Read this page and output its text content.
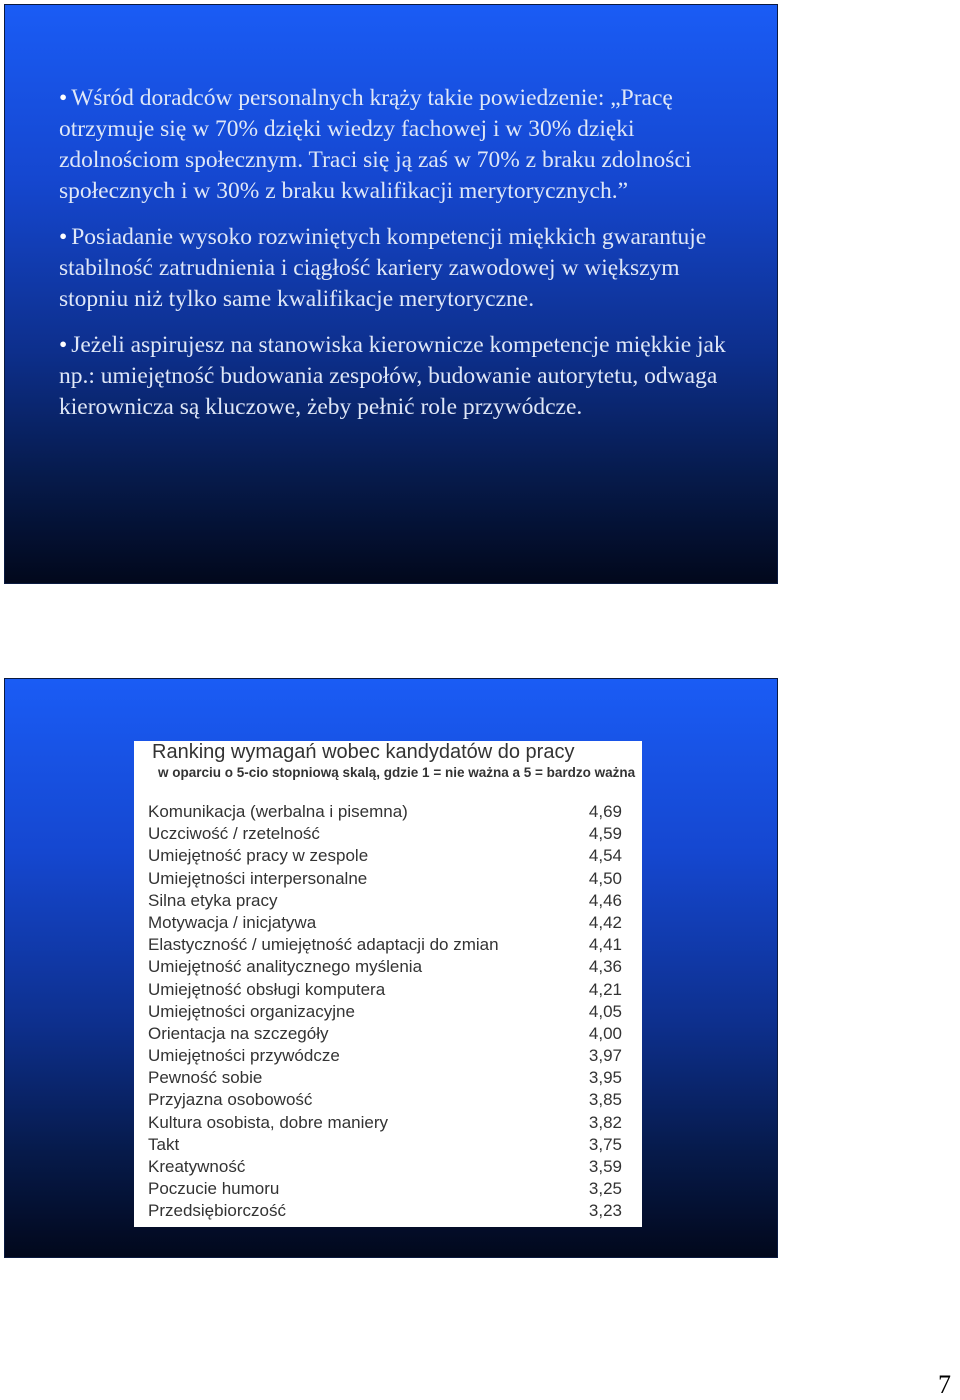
• Wśród doradców personalnych krąży takie powiedzenie: „Pracę otrzymuje się w 70% dzięki wiedzy fachowej i w 30% dzięki zdolnościom społecznym. Traci się ją zaś w 70% z braku zdolności społecznych i w 30% z braku kwalifikacji merytorycznych.”

• Posiadanie wysoko rozwiniętych kompetencji miękkich gwarantuje stabilność zatrudnienia i ciągłość kariery zawodowej w większym stopniu niż tylko same kwalifikacje merytoryczne.

• Jeżeli aspirujesz na stanowiska kierownicze kompetencje miękkie jak np.: umiejętność budowania zespołów, budowanie autorytetu, odwaga kierownicza są kluczowe, żeby pełnić role przywódcze.

Ranking wymagań wobec kandydatów do pracy
w oparciu o 5-cio stopniową skalą, gdzie 1 = nie ważna a 5 = bardzo ważna
Komunikacja (werbalna i pisemna)	4,69
Uczciwość / rzetelność	4,59
Umiejętność pracy w zespole	4,54
Umiejętności interpersonalne	4,50
Silna etyka pracy	4,46
Motywacja / inicjatywa	4,42
Elastyczność / umiejętność adaptacji do zmian	4,41
Umiejętność analitycznego myślenia	4,36
Umiejętność obsługi komputera	4,21
Umiejętności organizacyjne	4,05
Orientacja na szczegóły	4,00
Umiejętności przywódcze	3,97
Pewność sobie	3,95
Przyjazna osobowość	3,85
Kultura osobista, dobre maniery	3,82
Takt	3,75
Kreatywność	3,59
Poczucie humoru	3,25
Przedsiębiorczość	3,23
7
